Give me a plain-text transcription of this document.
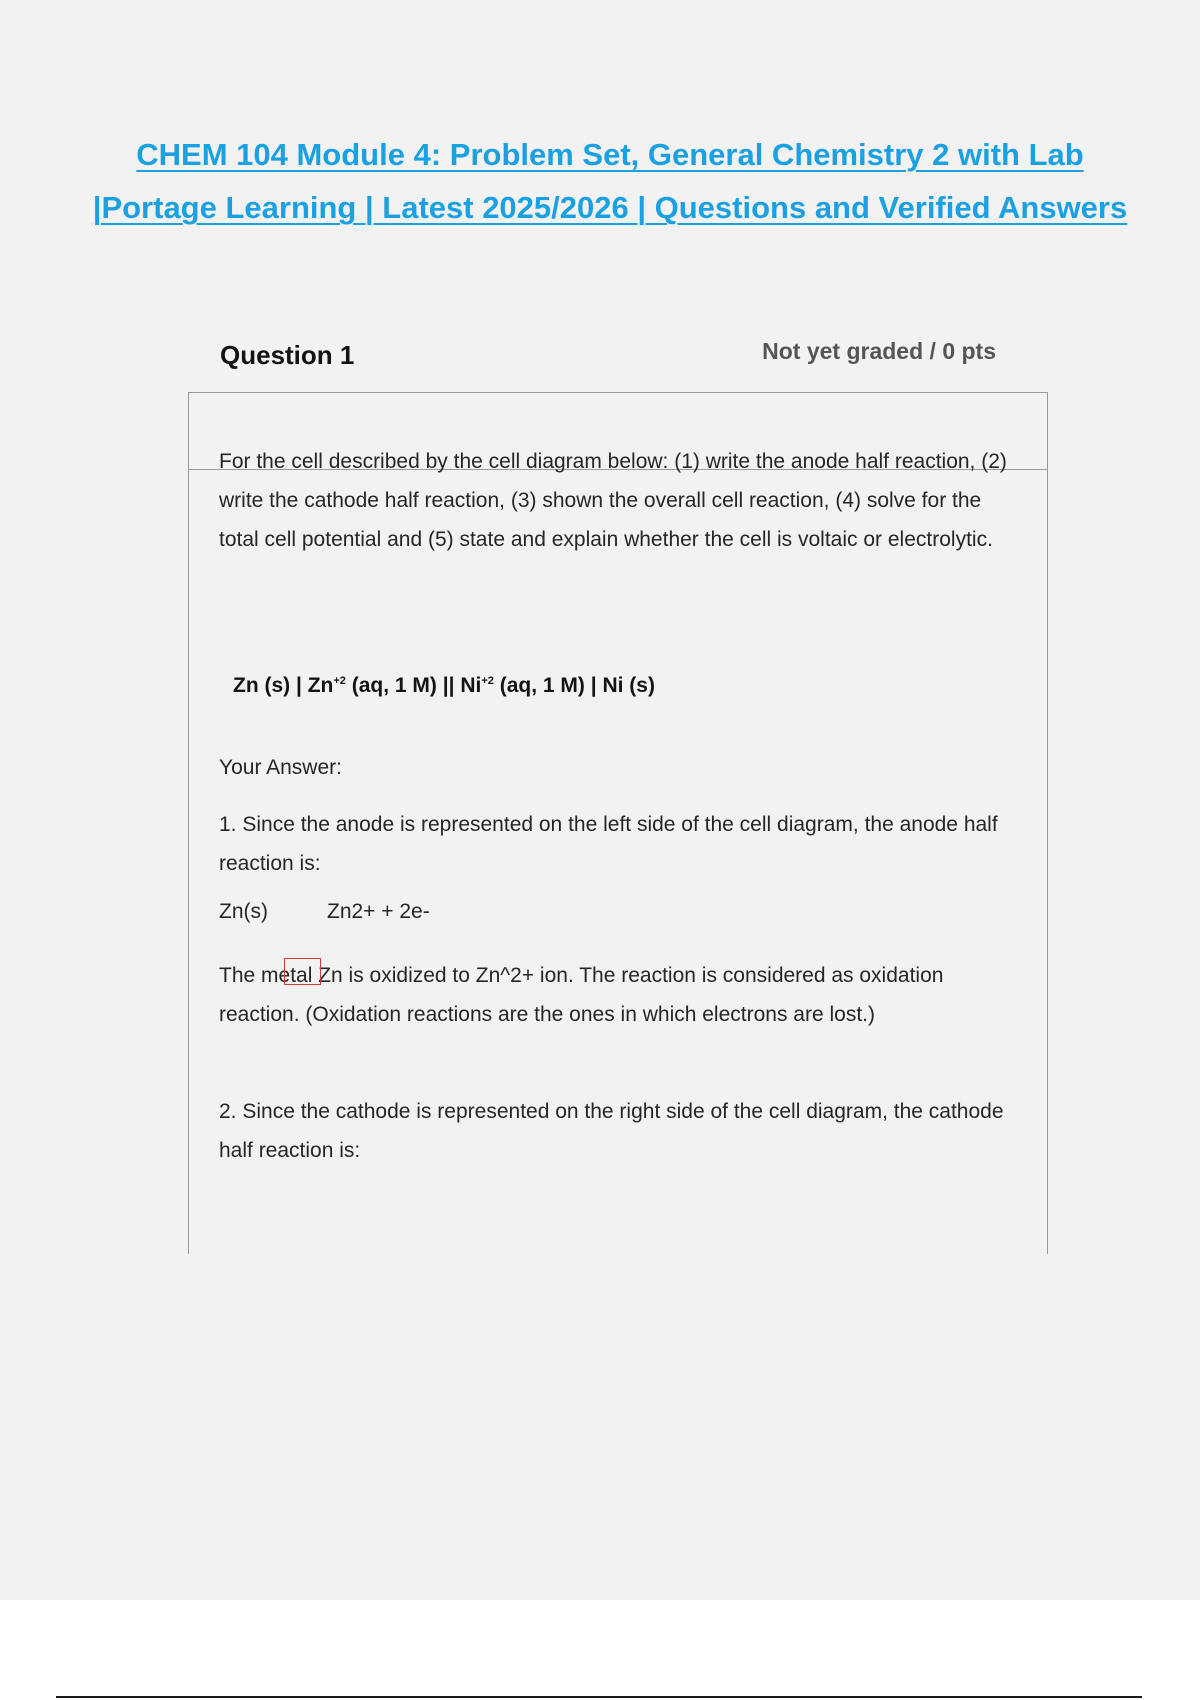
CHEM 104 Module 4: Problem Set, General Chemistry 2 with Lab
|Portage Learning | Latest 2025/2026 | Questions and Verified Answers
Question 1	Not yet graded / 0 pts

For the cell described by the cell diagram below: (1) write the anode half reaction, (2) write the cathode half reaction, (3) shown the overall cell reaction, (4) solve for the total cell potential and (5) state and explain whether the cell is voltaic or electrolytic.

Zn (s) | $Zn^{+2}$ (aq, 1 M) || $Ni^{+2}$ (aq, 1 M) | Ni (s)

Your Answer:

1. Since the anode is represented on the left side of the cell diagram, the anode half reaction is:

Zn(s)	Zn2+ + 2e-

The metal Zn is oxidized to Zn^2+ ion. The reaction is considered as oxidation reaction. (Oxidation reactions are the ones in which electrons are lost.)

2. Since the cathode is represented on the right side of the cell diagram, the cathode half reaction is:
